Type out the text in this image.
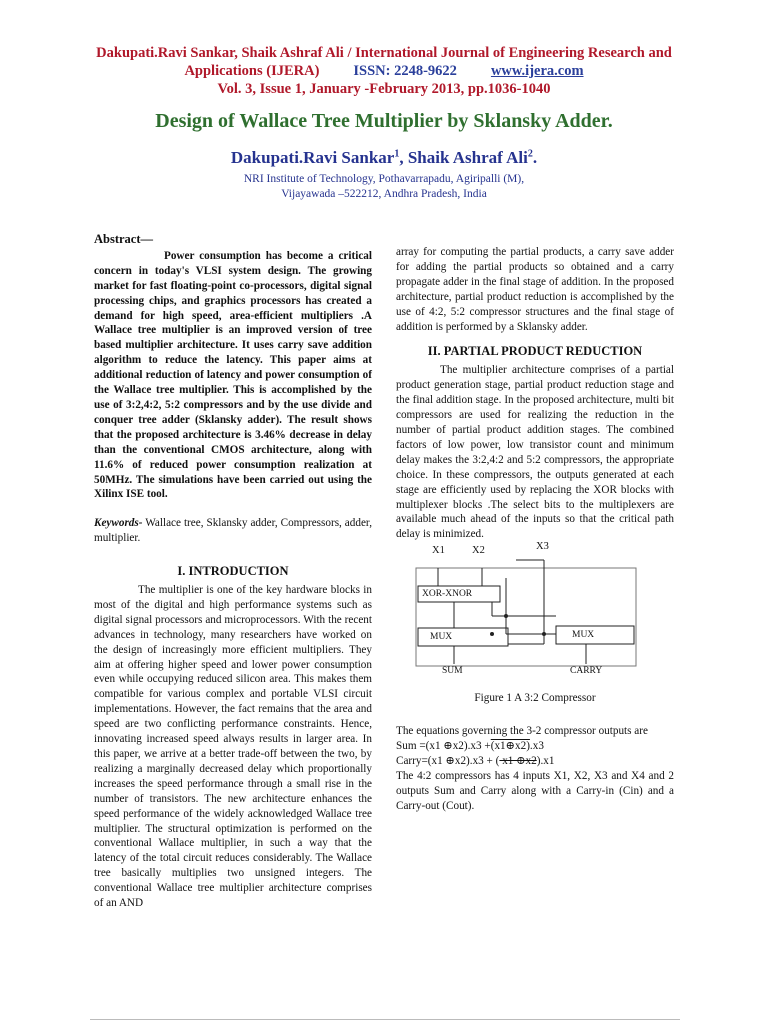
Dakupati.Ravi Sankar, Shaik Ashraf Ali / International Journal of Engineering Research and
Applications (IJERA) ISSN: 2248-9622 www.ijera.com
Vol. 3, Issue 1, January -February 2013, pp.1036-1040
Design of Wallace Tree Multiplier by Sklansky Adder.
Dakupati.Ravi Sankar$^1$, Shaik Ashraf Ali$^2$.
NRI Institute of Technology, Pothavarrapadu, Agiripalli (M),
Vijayawada –522212, Andhra Pradesh, India
Abstract—
Power consumption has become a critical concern in today's VLSI system design. The growing market for fast floating-point co-processors, digital signal processing chips, and graphics processors has created a demand for high speed, area-efficient multipliers .A Wallace tree multiplier is an improved version of tree based multiplier architecture. It uses carry save addition algorithm to reduce the latency. This paper aims at additional reduction of latency and power consumption of the Wallace tree multiplier. This is accomplished by the use of 3:2,4:2, 5:2 compressors and by the use divide and conquer tree adder (Sklansky adder). The result shows that the proposed architecture is 3.46% decrease in delay than the conventional CMOS architecture, along with 11.6% of reduced power consumption realization at 50MHz. The simulations have been carried out using the Xilinx ISE tool.
Keywords- Wallace tree, Sklansky adder, Compressors, adder, multiplier.
I. INTRODUCTION
The multiplier is one of the key hardware blocks in most of the digital and high performance systems such as digital signal processors and microprocessors. With the recent advances in technology, many researchers have worked on the design of increasingly more efficient multipliers. They aim at offering higher speed and lower power consumption even while occupying reduced silicon area. This makes them compatible for various complex and portable VLSI circuit implementations. However, the fact remains that the area and speed are two conflicting performance constraints. Hence, innovating increased speed always results in larger area. In this paper, we arrive at a better trade-off between the two, by realizing a marginally decreased delay which proportionally increases the speed performance through a small rise in the number of transistors. The new architecture enhances the speed performance of the widely acknowledged Wallace tree multiplier. The structural optimization is performed on the conventional Wallace multiplier, in such a way that the latency of the total circuit reduces considerably. The Wallace tree basically multiplies two unsigned integers. The conventional Wallace tree multiplier architecture comprises of an AND
array for computing the partial products, a carry save adder for adding the partial products so obtained and a carry propagate adder in the final stage of addition. In the proposed architecture, partial product reduction is accomplished by the use of 4:2, 5:2 compressor structures and the final stage of addition is performed by a Sklansky adder.
II. PARTIAL PRODUCT REDUCTION
The multiplier architecture comprises of a partial product generation stage, partial product reduction stage and the final addition stage. In the proposed architecture, multi bit compressors are used for realizing the reduction in the number of partial product addition stages. The combined factors of low power, low transistor count and minimum delay makes the 3:2,4:2 and 5:2 compressors, the appropriate choice. In these compressors, the outputs generated at each stage are efficiently used by replacing the XOR blocks with multiplexer blocks .The select bits to the multiplexers are available much ahead of the inputs so that the critical path delay is minimized.
X1	X2	X3
XOR-XNOR
MUX	MUX
SUM	CARRY
Figure 1 A 3:2 Compressor
The equations governing the 3-2 compressor outputs are
Sum =(x1 ⊕x2).x3 +(x1⊕x2).x3
Carry=(x1 ⊕x2).x3 + ( x1 ⊕x2).x1
The 4:2 compressors has 4 inputs X1, X2, X3 and X4 and 2 outputs Sum and Carry along with a Carry-in (Cin) and a Carry-out (Cout).
